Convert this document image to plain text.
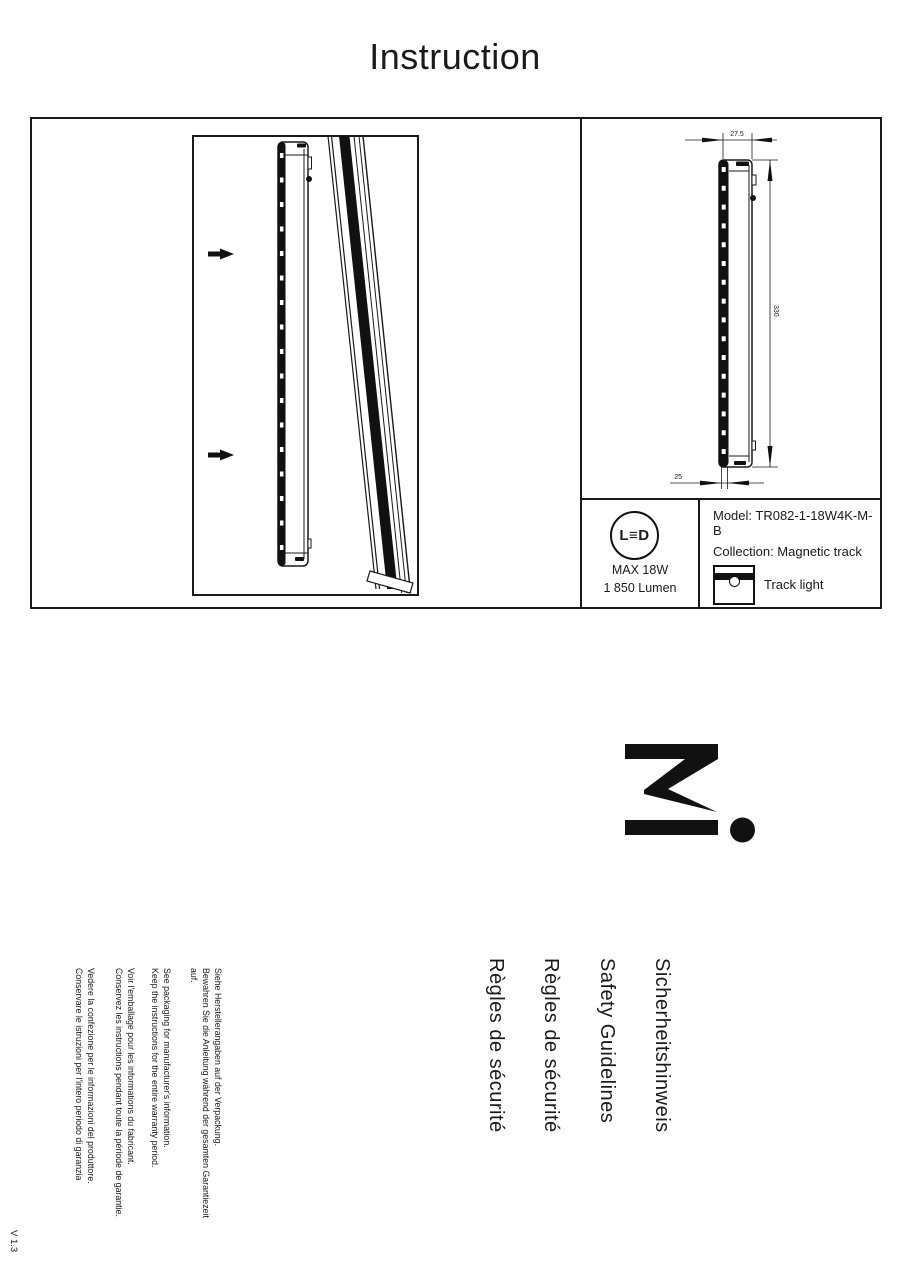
Instruction
27.5
330
25
L≡D
MAX 18W
1 850 Lumen
Model: TR082-1-18W4K-M-B
Collection: Magnetic track
Track light
Sicherheitshinweis
Safety Guidelines
Règles de sécurité
Règles de sécurité
Siehe Herstellerangaben auf der Verpackung.
Bewahren Sie die Anleitung während der gesamten Garantiezeit
auf.
See packaging for manufacturer's information.
Keep the instructions for the entire warranty period.
Voir l'emballage pour les informations du fabricant.
Conservez les instructions pendant toute la période de garantie.
Vedere la confezione per le informazioni del produttore.
Conservare le istruzioni per l'intero periodo di garanzia
V 1.3
